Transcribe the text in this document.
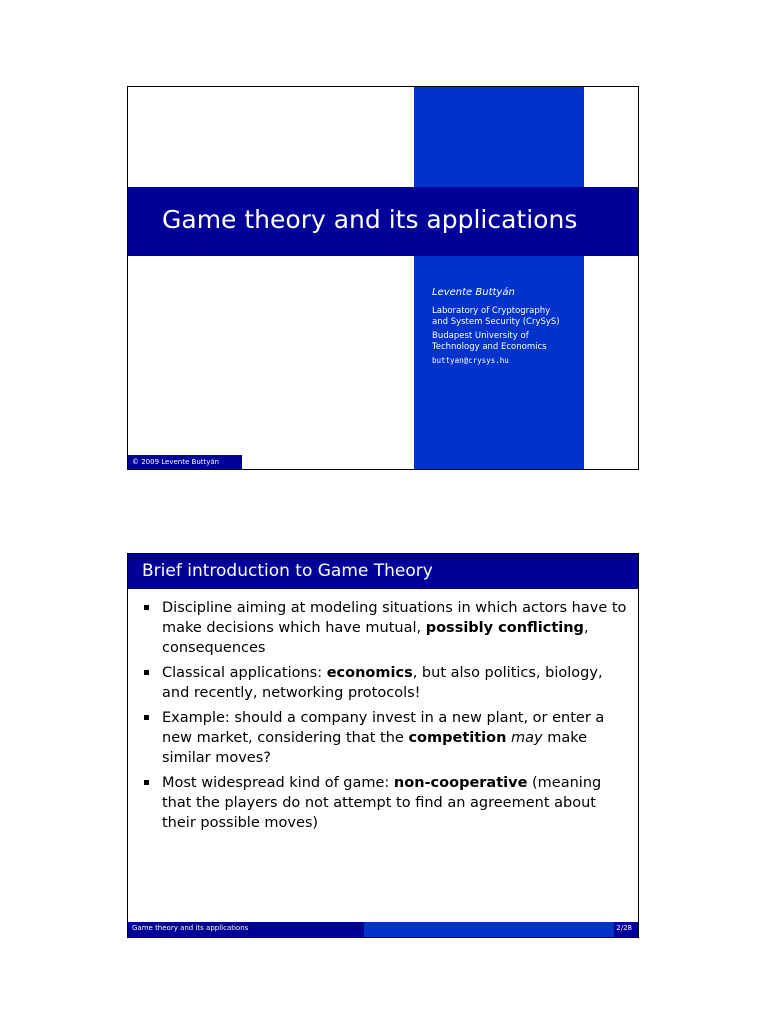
Game theory and its applications
Levente Buttyán
Laboratory of Cryptography
and System Security (CrySyS)
Budapest University of
Technology and Economics
buttyan@crysys.hu
© 2009 Levente Buttyán
Brief introduction to Game Theory
Discipline aiming at modeling situations in which actors have to make decisions which have mutual, possibly conflicting, consequences
Classical applications: economics, but also politics, biology, and recently, networking protocols!
Example: should a company invest in a new plant, or enter a new market, considering that the competition may make similar moves?
Most widespread kind of game: non-cooperative (meaning that the players do not attempt to find an agreement about their possible moves)
Game theory and its applications	2/28
